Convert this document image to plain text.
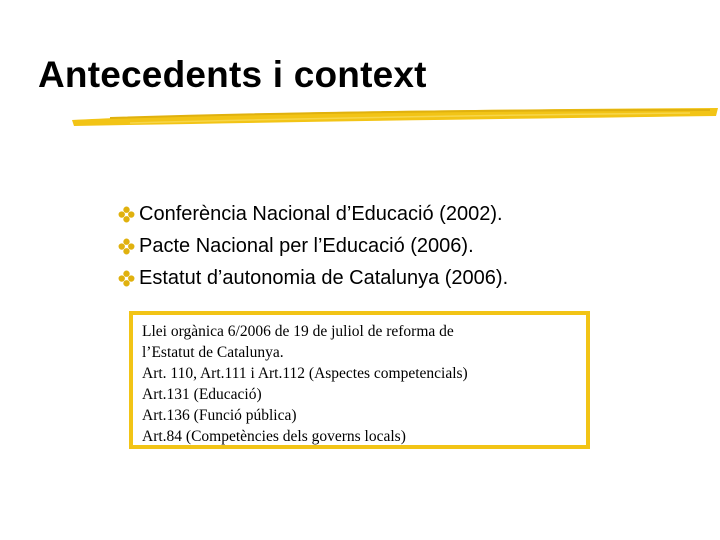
Antecedents i context
Conferència Nacional d’Educació (2002).
Pacte Nacional per l’Educació (2006).
Estatut d’autonomia de Catalunya (2006).
Llei orgànica 6/2006 de 19 de juliol de reforma de
l’Estatut de Catalunya.
Art. 110, Art.111 i Art.112 (Aspectes competencials)
Art.131 (Educació)
Art.136 (Funció pública)
Art.84 (Competències dels governs locals)
